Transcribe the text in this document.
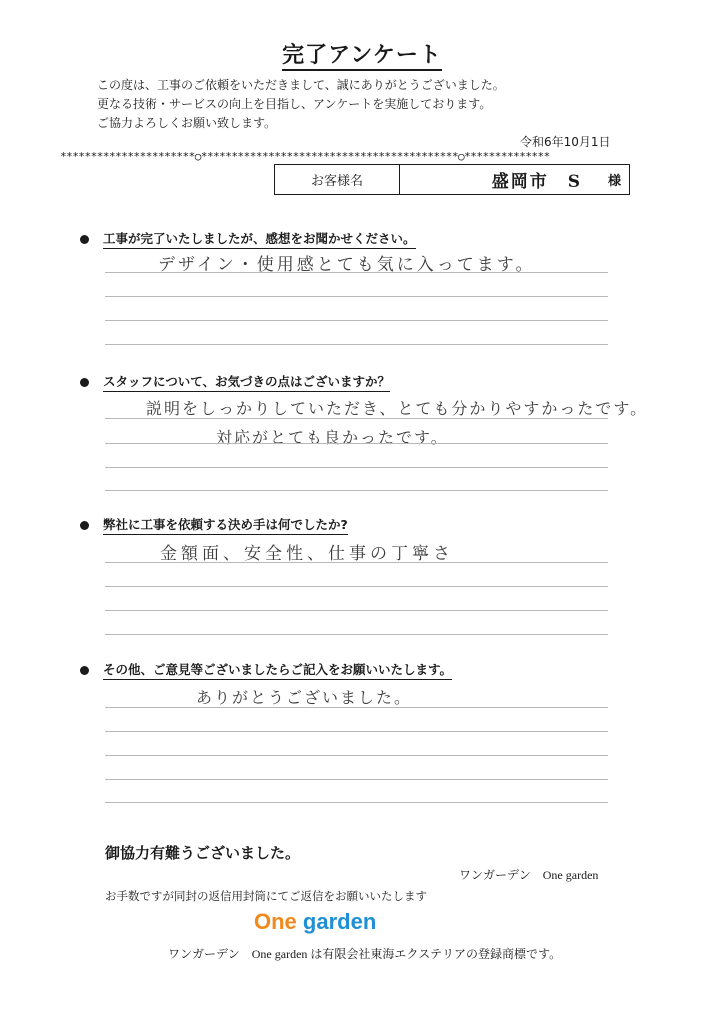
完了アンケート
この度は、工事のご依頼をいただきまして、誠にありがとうございました。
更なる技術・サービスの向上を目指し、アンケートを実施しております。
ご協力よろしくお願い致します。
令和6年10月1日
**********************○******************************************○**************
お客様名	盛岡市　S 様
工事が完了いたしましたが、感想をお聞かせください。
デザイン・使用感とても気に入ってます。
スタッフについて、お気づきの点はございますか？
説明をしっかりしていただき、とても分かりやすかったです。
対応がとても良かったです。
弊社に工事を依頼する決め手は何でしたか?
金額面、安全性、仕事の丁寧さ
その他、ご意見等ございましたらご記入をお願いいたします。
ありがとうございました。
御協力有難うございました。
ワンガーデン　One garden
お手数ですが同封の返信用封筒にてご返信をお願いいたします
One garden
ワンガーデン　One garden は有限会社東海エクステリアの登録商標です。
